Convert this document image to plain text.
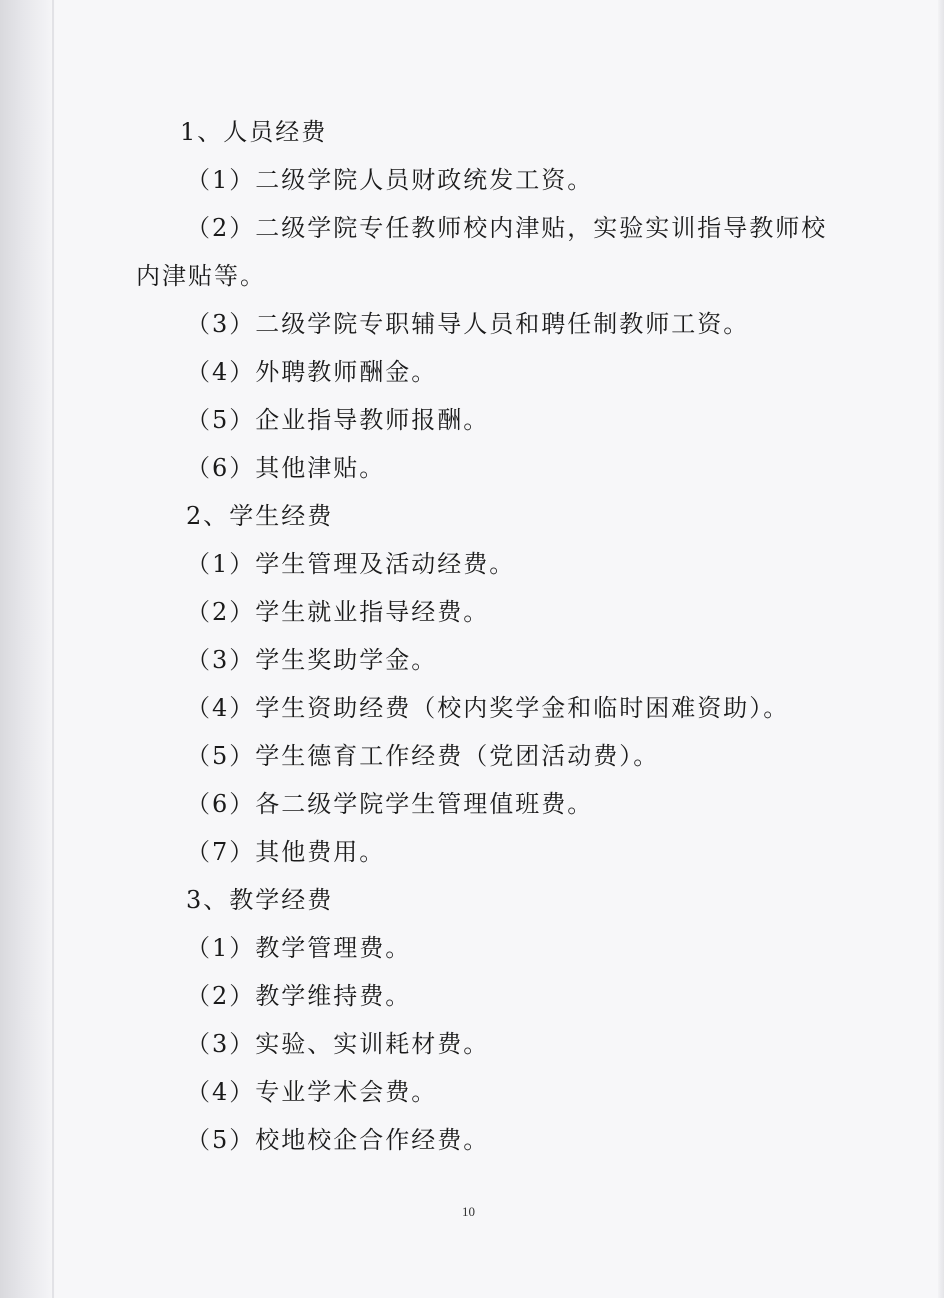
1、人员经费
（1）二级学院人员财政统发工资。
（2）二级学院专任教师校内津贴，实验实训指导教师校
内津贴等。
（3）二级学院专职辅导人员和聘任制教师工资。
（4）外聘教师酬金。
（5）企业指导教师报酬。
（6）其他津贴。
2、学生经费
（1）学生管理及活动经费。
（2）学生就业指导经费。
（3）学生奖助学金。
（4）学生资助经费（校内奖学金和临时困难资助）。
（5）学生德育工作经费（党团活动费）。
（6）各二级学院学生管理值班费。
（7）其他费用。
3、教学经费
（1）教学管理费。
（2）教学维持费。
（3）实验、实训耗材费。
（4）专业学术会费。
（5）校地校企合作经费。
10
